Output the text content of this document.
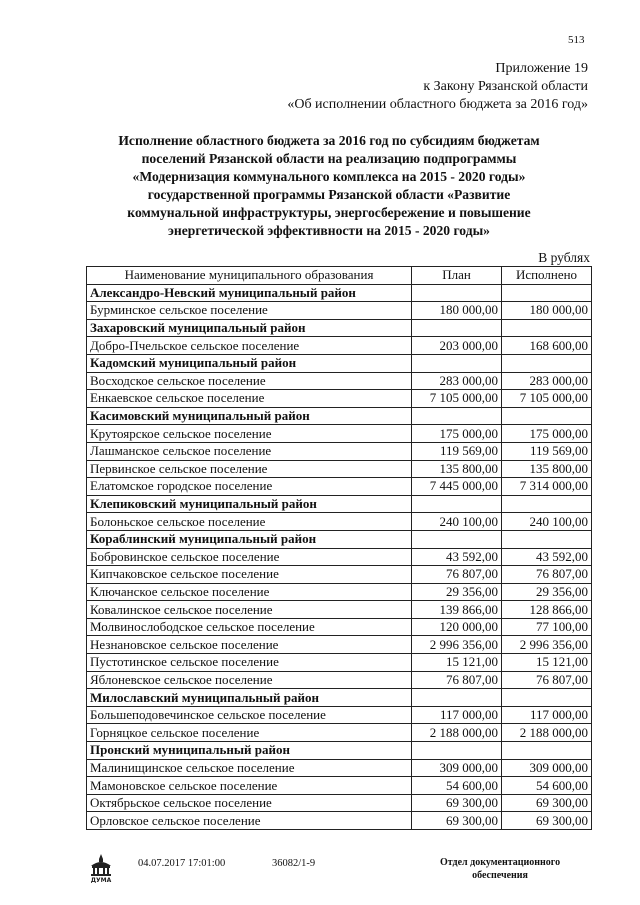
513
Приложение 19
к Закону Рязанской области
«Об исполнении областного бюджета за 2016 год»
Исполнение областного бюджета за 2016 год по субсидиям бюджетам
поселений Рязанской области на реализацию подпрограммы
«Модернизация коммунального комплекса на 2015 - 2020 годы»
государственной программы Рязанской области «Развитие
коммунальной инфраструктуры, энергосбережение и повышение
энергетической эффективности на 2015 - 2020 годы»
В рублях
Наименование муниципального образования	План	Исполнено
Александро-Невский муниципальный район		
Бурминское сельское поселение	180 000,00	180 000,00
Захаровский муниципальный район		
Добро-Пчельское сельское поселение	203 000,00	168 600,00
Кадомский муниципальный район		
Восходское сельское поселение	283 000,00	283 000,00
Енкаевское сельское поселение	7 105 000,00	7 105 000,00
Касимовский муниципальный район		
Крутоярское сельское поселение	175 000,00	175 000,00
Лашманское сельское поселение	119 569,00	119 569,00
Первинское сельское поселение	135 800,00	135 800,00
Елатомское городское поселение	7 445 000,00	7 314 000,00
Клепиковский муниципальный район		
Болоньское сельское поселение	240 100,00	240 100,00
Кораблинский муниципальный район		
Бобровинское сельское поселение	43 592,00	43 592,00
Кипчаковское сельское поселение	76 807,00	76 807,00
Ключанское сельское поселение	29 356,00	29 356,00
Ковалинское сельское поселение	139 866,00	128 866,00
Молвинослободское сельское поселение	120 000,00	77 100,00
Незнановское сельское поселение	2 996 356,00	2 996 356,00
Пустотинское сельское поселение	15 121,00	15 121,00
Яблоневское сельское поселение	76 807,00	76 807,00
Милославский муниципальный район		
Большеподовечинское сельское поселение	117 000,00	117 000,00
Горняцкое сельское поселение	2 188 000,00	2 188 000,00
Пронский муниципальный район		
Малинищинское сельское поселение	309 000,00	309 000,00
Мамоновское сельское поселение	54 600,00	54 600,00
Октябрьское сельское поселение	69 300,00	69 300,00
Орловское сельское поселение	69 300,00	69 300,00
ДУМА
04.07.2017 17:01:00	36082/1-9	Отдел документационного
обеспечения
